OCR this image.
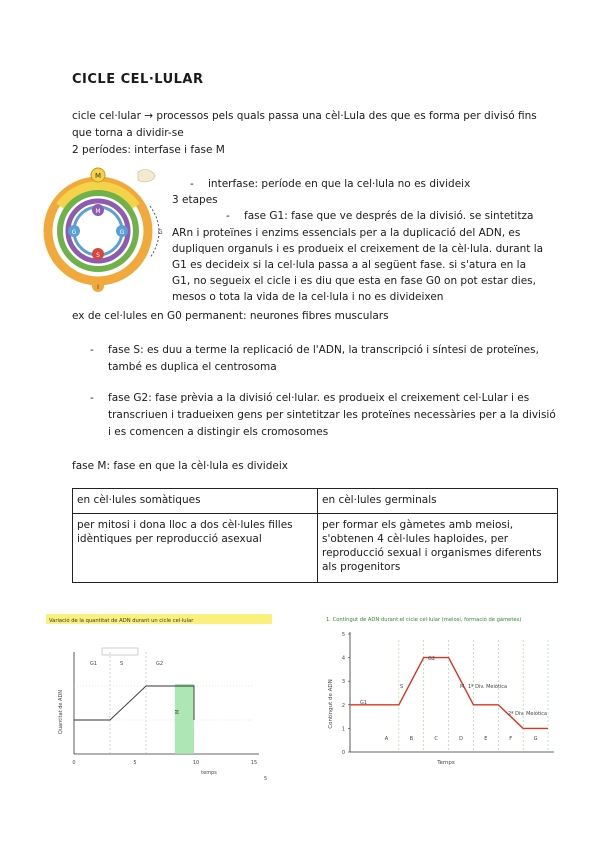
CICLE CEL·LULAR
cicle cel·lular → processos pels quals passa una cèl·Lula des que es forma per divisó fins que torna a dividir-se
2 períodes: interfase i fase M
M
M
G	G
S
I
G
- interfase: període en que la cel·lula no es divideix
3 etapes
- fase G1: fase que ve després de la divisió. se sintetitza
ARn i proteïnes i enzims essencials per a la duplicació del ADN, es
dupliquen organuls i es produeix el creixement de la cèl·lula. durant la
G1 es decideix si la cel·lula passa a al següent fase. si s'atura en la
G1, no segueix el cicle i es diu que esta en fase G0 on pot estar dies,
mesos o tota la vida de la cel·lula i no es divideixen
ex de cel·lules en G0 permanent: neurones fibres musculars
- fase S: es duu a terme la replicació de l'ADN, la transcripció i síntesi de proteïnes, també es duplica el centrosoma
- fase G2: fase prèvia a la divisió cel·lular. es produeix el creixement cel·Lular i es transcriuen i tradueixen gens per sintetitzar les proteïnes necessàries per a la divisió i es comencen a distingir els cromosomes
fase M: fase en que la cèl·lula es divideix
en cèl·lules somàtiques	en cèl·lules germinals
per mitosi i dona lloc a dos cèl·lules filles idèntiques per reproducció asexual	per formar els gàmetes amb meiosi, s'obtenen 4 cèl·lules haploides, per reproducció sexual i organismes diferents als progenitors
Variació de la quantitat de ADN durant un cicle cel·lular
Quantitat de ADN
G1	S	G2
M
0	5	10	15
temps
5
1. Contingut de ADN durant el cicle cel·lular (meiosi, formació de gàmetes)
Contingut de ADN
0
1
2
3
4
5
A	B	C	D	E	F	G
G1
S
G2
M 1ª Div. Meiòtica
2ª Div. Meiòtica
Temps
